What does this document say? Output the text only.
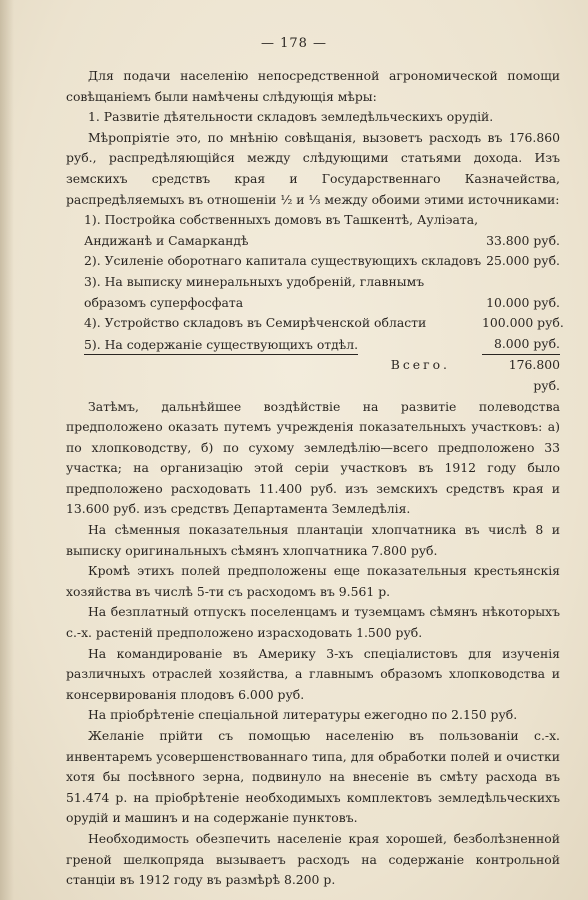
— 178 —

Для подачи населенію непосредственной агрономической помощи совѣщаніемъ были намѣчены слѣдующія мѣры:

1. Развитіе дѣятельности складовъ земледѣльческихъ орудій.

Мѣропріятіе это, по мнѣнію совѣщанія, вызоветъ расходъ въ 176.860 руб., распредѣляющійся между слѣдующими статьями дохода. Изъ земскихъ средствъ края и Государственнаго Казначейства, распредѣляемыхъ въ отношеніи ½ и ⅓ между обоими этими источниками:

1). Постройка собственныхъ домовъ въ Ташкентѣ, Ауліэата, Андижанѣ и Самаркандѣ	33.800 руб.
2). Усиленіе оборотнаго капитала существующихъ складовъ 25.000 руб.
3). На выписку минеральныхъ удобреній, главнымъ образомъ суперфосфата	10.000 руб.
4). Устройство складовъ въ Семирѣченской области	100.000 руб.
5). На содержаніе существующихъ отдѣл.	8.000 руб.
Всего.	176.800 руб.

Затѣмъ, дальнѣйшее воздѣйствіе на развитіе полеводства предположено оказать путемъ учрежденія показательныхъ участковъ: а) по хлопководству, б) по сухому земледѣлію—всего предположено 33 участка; на организацію этой серіи участковъ въ 1912 году было предположено расходовать 11.400 руб. изъ земскихъ средствъ края и 13.600 руб. изъ средствъ Департамента Земледѣлія.

На сѣменныя показательныя плантаціи хлопчатника въ числѣ 8 и выписку оригинальныхъ сѣмянъ хлопчатника 7.800 руб.

Кромѣ этихъ полей предположены еще показательныя крестьянскія хозяйства въ числѣ 5-ти съ расходомъ въ 9.561 р.

На безплатный отпускъ поселенцамъ и туземцамъ сѣмянъ нѣкоторыхъ с.-х. растеній предположено израсходовать 1.500 руб.

На командированіе въ Америку 3-хъ спеціалистовъ для изученія различныхъ отраслей хозяйства, а главнымъ образомъ хлопководства и консервированія плодовъ 6.000 руб.

На пріобрѣтеніе спеціальной литературы ежегодно по 2.150 руб.

Желаніе прійти съ помощью населенію въ пользованіи с.-х. инвентаремъ усовершенствованнаго типа, для обработки полей и очистки хотя бы посѣвного зерна, подвинуло на внесеніе въ смѣту расхода въ 51.474 р. на пріобрѣтеніе необходимыхъ комплектовъ земледѣльческихъ орудій и машинъ и на содержаніе пунктовъ.

Необходимость обезпечить населеніе края хорошей, безболѣзненной греной шелкопряда вызываетъ расходъ на содержаніе контрольной станціи въ 1912 году въ размѣрѣ 8.200 р.
